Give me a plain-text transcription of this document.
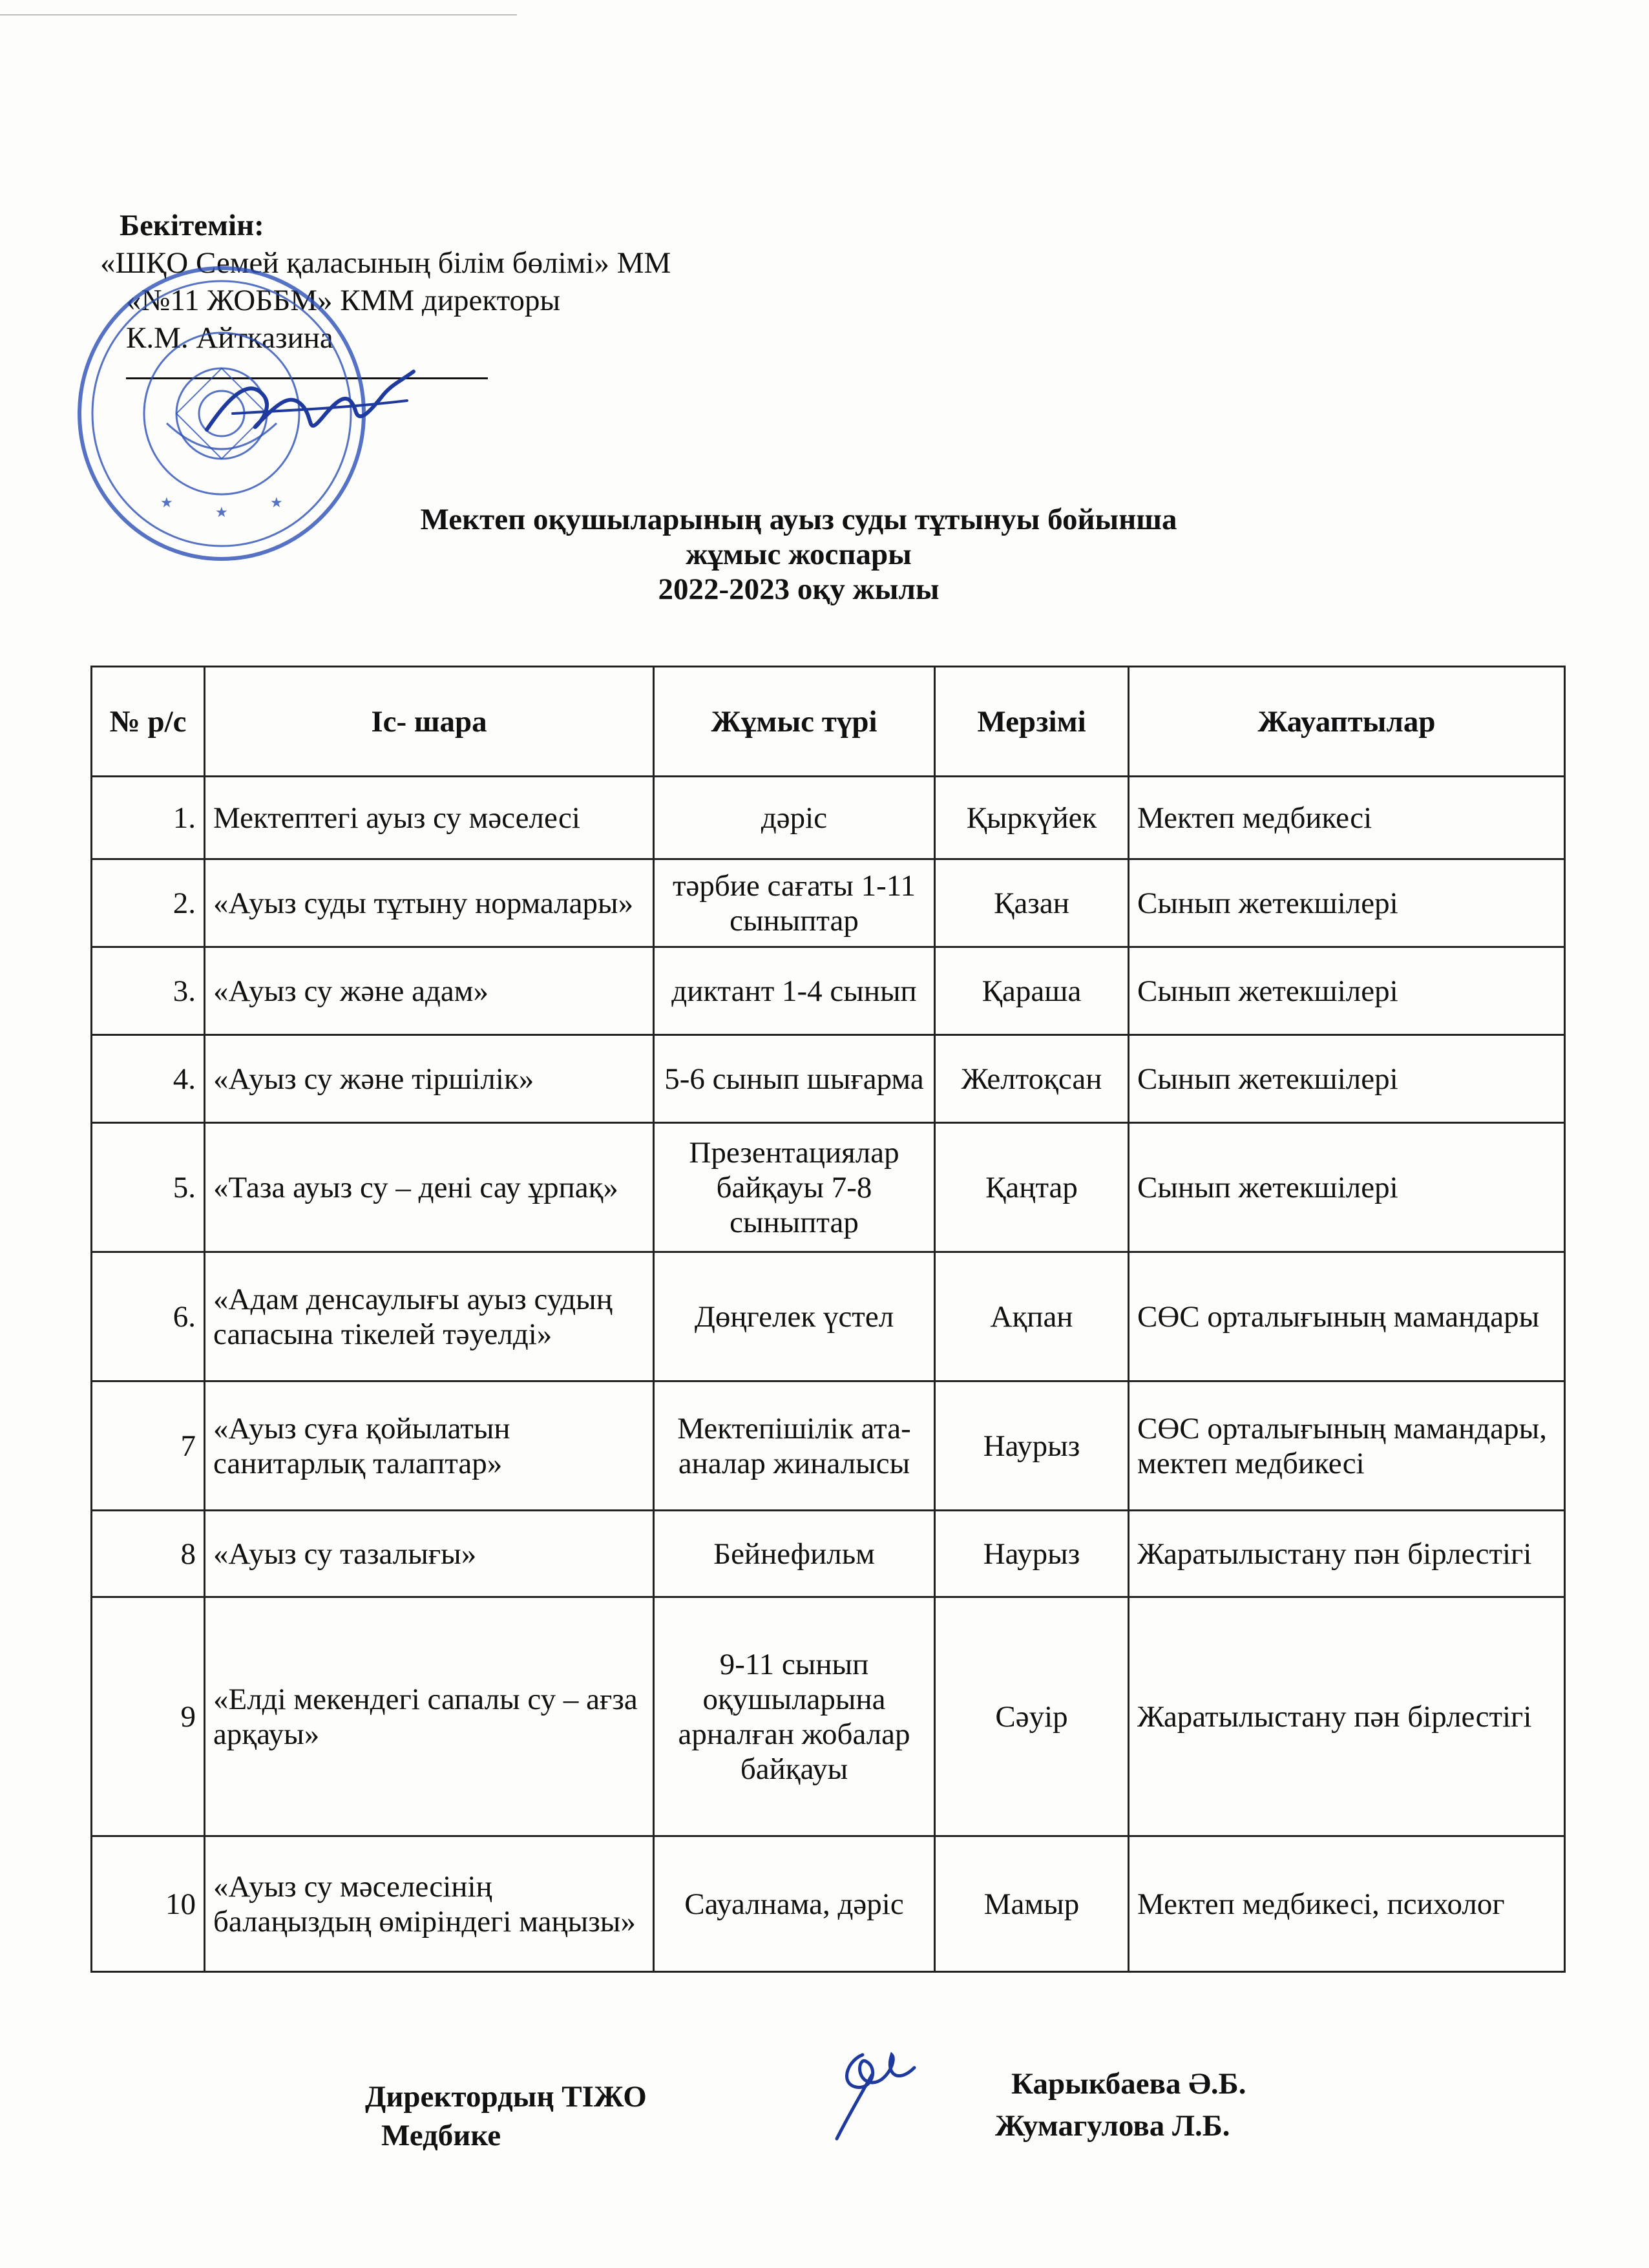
Бекітемін:
«ШҚО Семей қаласының білім бөлімі» ММ
«№11 ЖОББМ» КММ директоры
К.М. Айтказина
★	★
★	Мектеп оқушыларының ауыз суды тұтынуы бойынша
жұмыс жоспары
2022-2023 оқу жылы
№ р/с	Іс- шара	Жұмыс түрі	Мерзімі	Жауаптылар
1.	Мектептегі ауыз су мәселесі	дәріс	Қыркүйек	Мектеп медбикесі
2.	«Ауыз суды тұтыну нормалары»	тәрбие сағаты 1-11 сыныптар	Қазан	Сынып жетекшілері
3.	«Ауыз су және адам»	диктант 1-4 сынып	Қараша	Сынып жетекшілері
4.	«Ауыз су және тіршілік»	5-6 сынып шығарма	Желтоқсан	Сынып жетекшілері
5.	«Таза ауыз су – дені сау ұрпақ»	Презентациялар байқауы 7-8 сыныптар	Қаңтар	Сынып жетекшілері
6.	«Адам денсаулығы ауыз судың сапасына тікелей тәуелді»	Дөңгелек үстел	Ақпан	СӨС орталығының мамандары
7	«Ауыз суға қойылатын санитарлық талаптар»	Мектепішілік ата-аналар жиналысы	Наурыз	СӨС орталығының мамандары, мектеп медбикесі
8	«Ауыз су тазалығы»	Бейнефильм	Наурыз	Жаратылыстану пән бірлестігі
9	«Елді мекендегі сапалы су – ағза арқауы»	9-11 сынып оқушыларына арналған жобалар байқауы	Сәуір	Жаратылыстану пән бірлестігі
10	«Ауыз су мәселесінің балаңыздың өміріндегі маңызы»	Сауалнама, дәріс	Мамыр	Мектеп медбикесі, психолог
Директордың ТІЖО
Медбике
Карыкбаева Ә.Б.
Жумагулова Л.Б.
